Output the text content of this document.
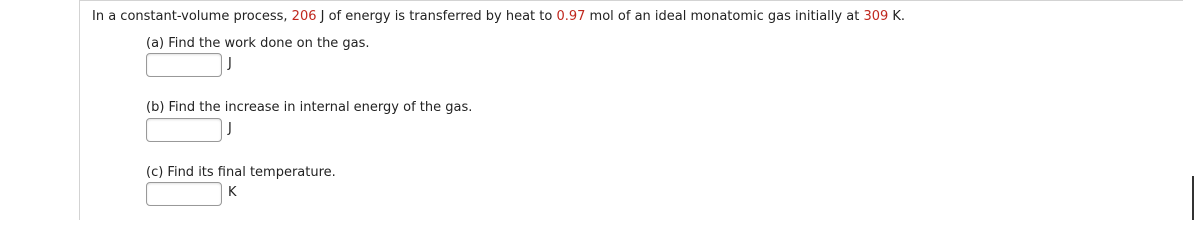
In a constant-volume process, 206 J of energy is transferred by heat to 0.97 mol of an ideal monatomic gas initially at 309 K.
(a) Find the work done on the gas.
J
(b) Find the increase in internal energy of the gas.
J
(c) Find its final temperature.
K
